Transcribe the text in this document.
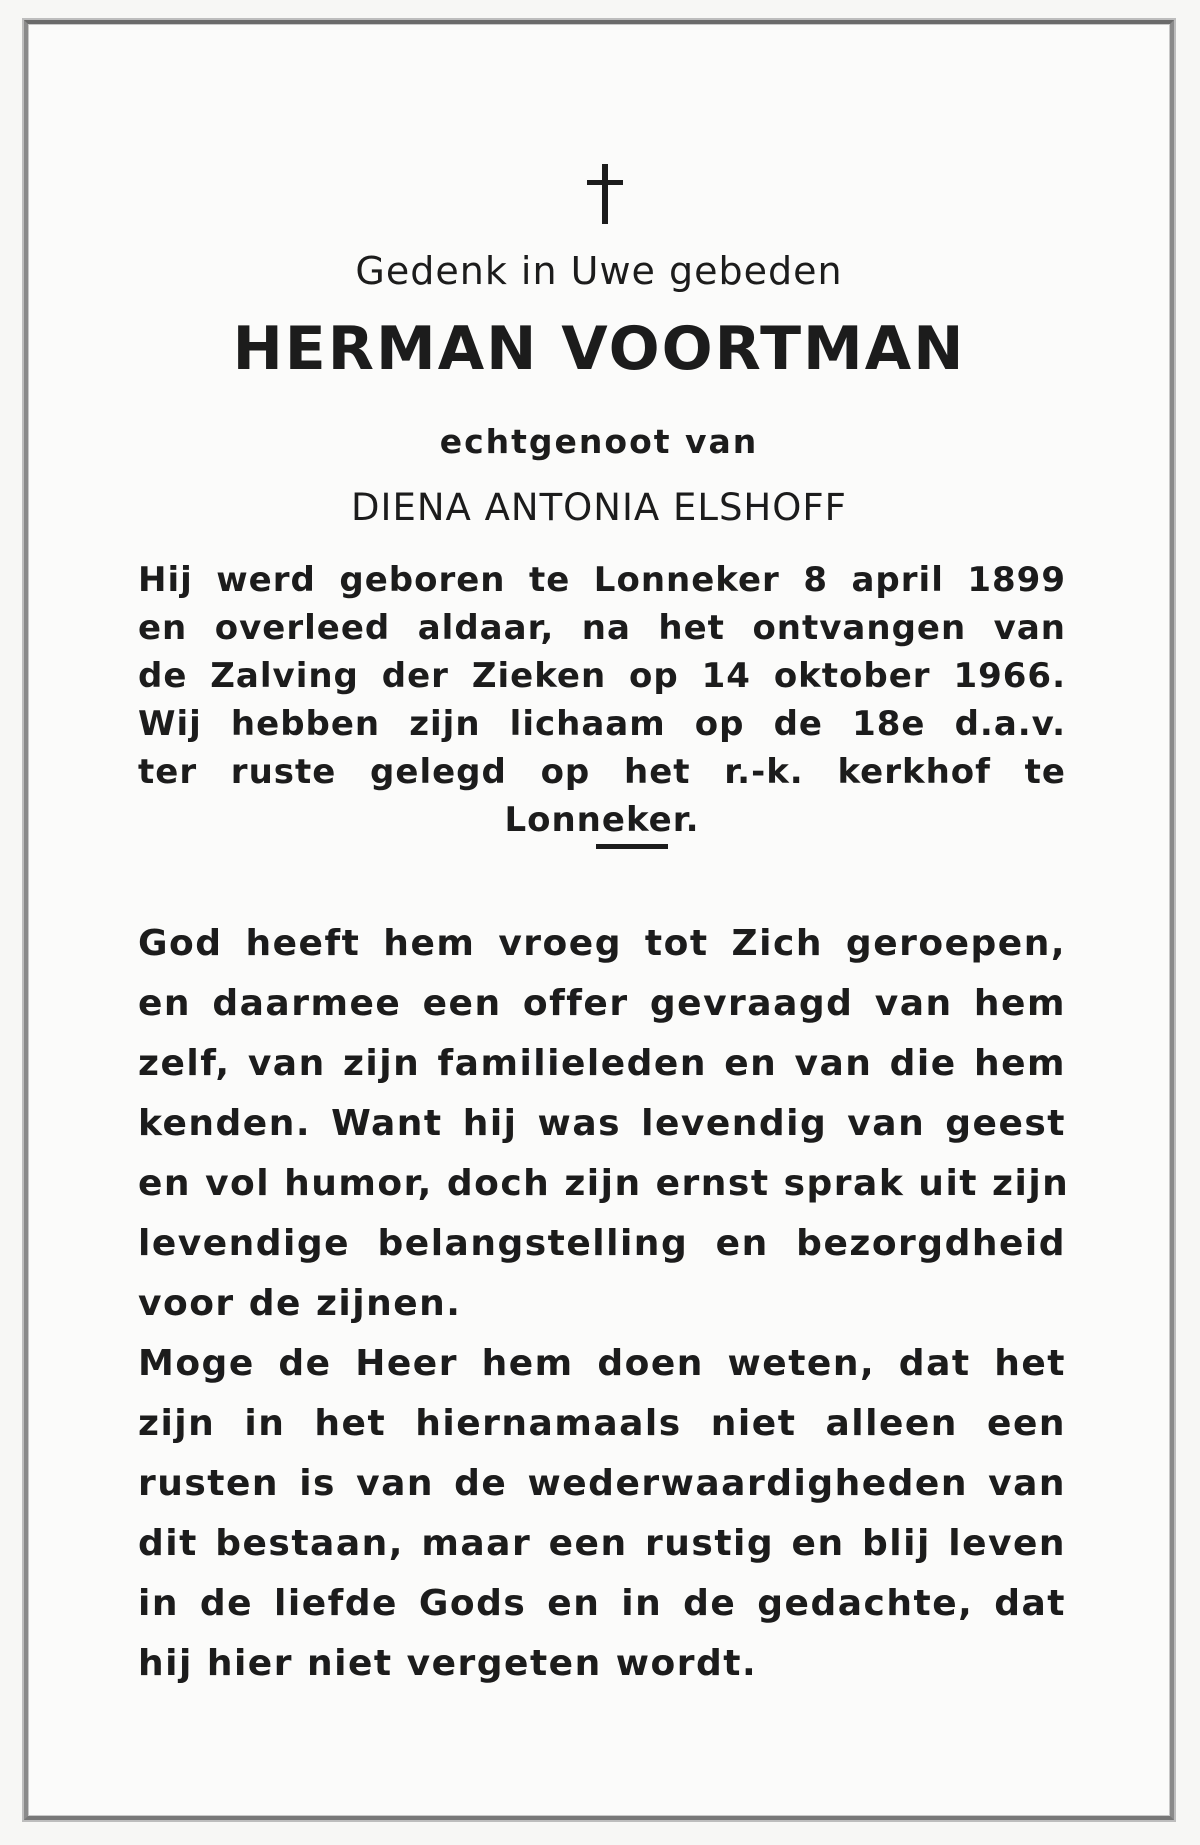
Gedenk in Uwe gebeden
HERMAN VOORTMAN
echtgenoot van
DIENA ANTONIA ELSHOFF
Hij werd geboren te Lonneker 8 april 1899
en overleed aldaar, na het ontvangen van
de Zalving der Zieken op 14 oktober 1966.
Wij hebben zijn lichaam op de 18e d.a.v.
ter ruste gelegd op het r.-k. kerkhof te
Lonneker.
God heeft hem vroeg tot Zich geroepen,
en daarmee een offer gevraagd van hem
zelf, van zijn familieleden en van die hem
kenden. Want hij was levendig van geest
en vol humor, doch zijn ernst sprak uit zijn
levendige belangstelling en bezorgdheid
voor de zijnen.
Moge de Heer hem doen weten, dat het
zijn in het hiernamaals niet alleen een
rusten is van de wederwaardigheden van
dit bestaan, maar een rustig en blij leven
in de liefde Gods en in de gedachte, dat
hij hier niet vergeten wordt.
